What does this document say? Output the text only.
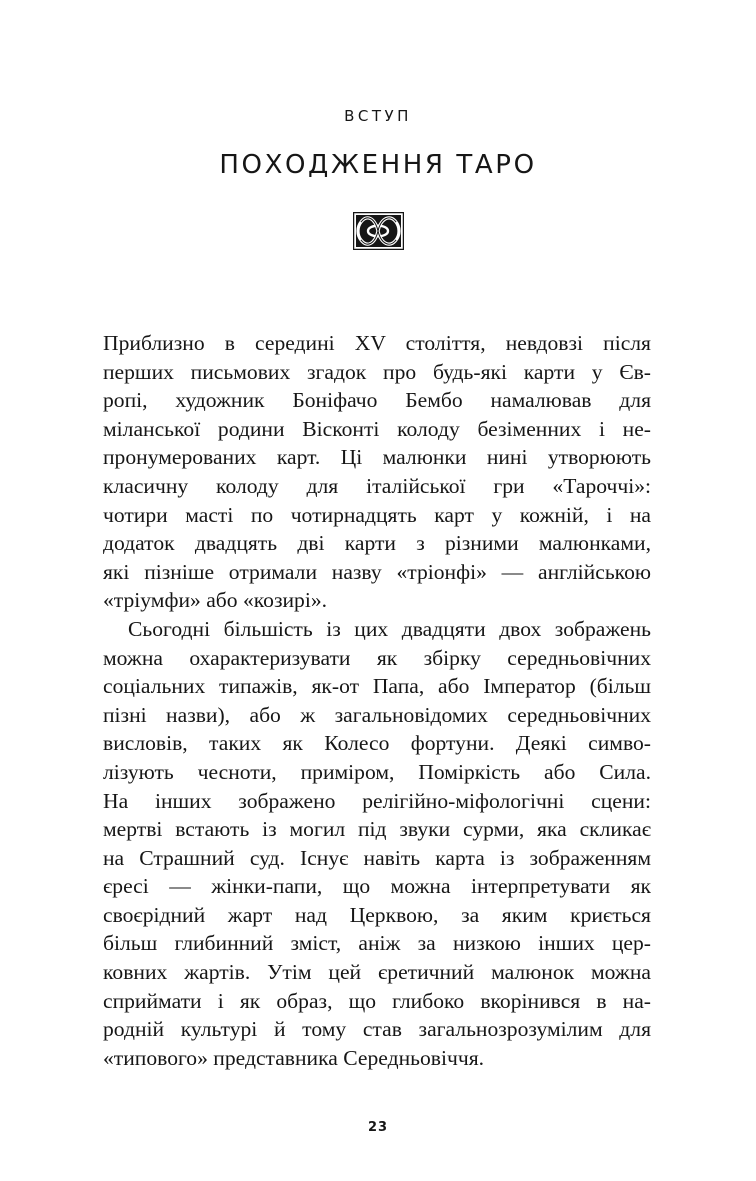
ВСТУП
ПОХОДЖЕННЯ ТАРО
Приблизно в середині XV століття, невдовзі після
перших письмових згадок про будь-які карти у Єв-
ропі, художник Боніфачо Бембо намалював для
міланської родини Вісконті колоду безіменних і не-
пронумерованих карт. Ці малюнки нині утворюють
класичну колоду для італійської гри «Тароччі»:
чотири масті по чотирнадцять карт у кожній, і на
додаток двадцять дві карти з різними малюнками,
які пізніше отримали назву «тріонфі» — англійською
«тріумфи» або «козирі».
Сьогодні більшість із цих двадцяти двох зображень
можна охарактеризувати як збірку середньовічних
соціальних типажів, як-от Папа, або Імператор (більш
пізні назви), або ж загальновідомих середньовічних
висловів, таких як Колесо фортуни. Деякі симво-
лізують чесноти, приміром, Поміркість або Сила.
На інших зображено релігійно-міфологічні сцени:
мертві встають із могил під звуки сурми, яка скликає
на Страшний суд. Існує навіть карта із зображенням
єресі — жінки-папи, що можна інтерпретувати як
своєрідний жарт над Церквою, за яким криється
більш глибинний зміст, аніж за низкою інших цер-
ковних жартів. Утім цей єретичний малюнок можна
сприймати і як образ, що глибоко вкорінився в на-
родній культурі й тому став загальнозрозумілим для
«типового» представника Середньовіччя.
23
